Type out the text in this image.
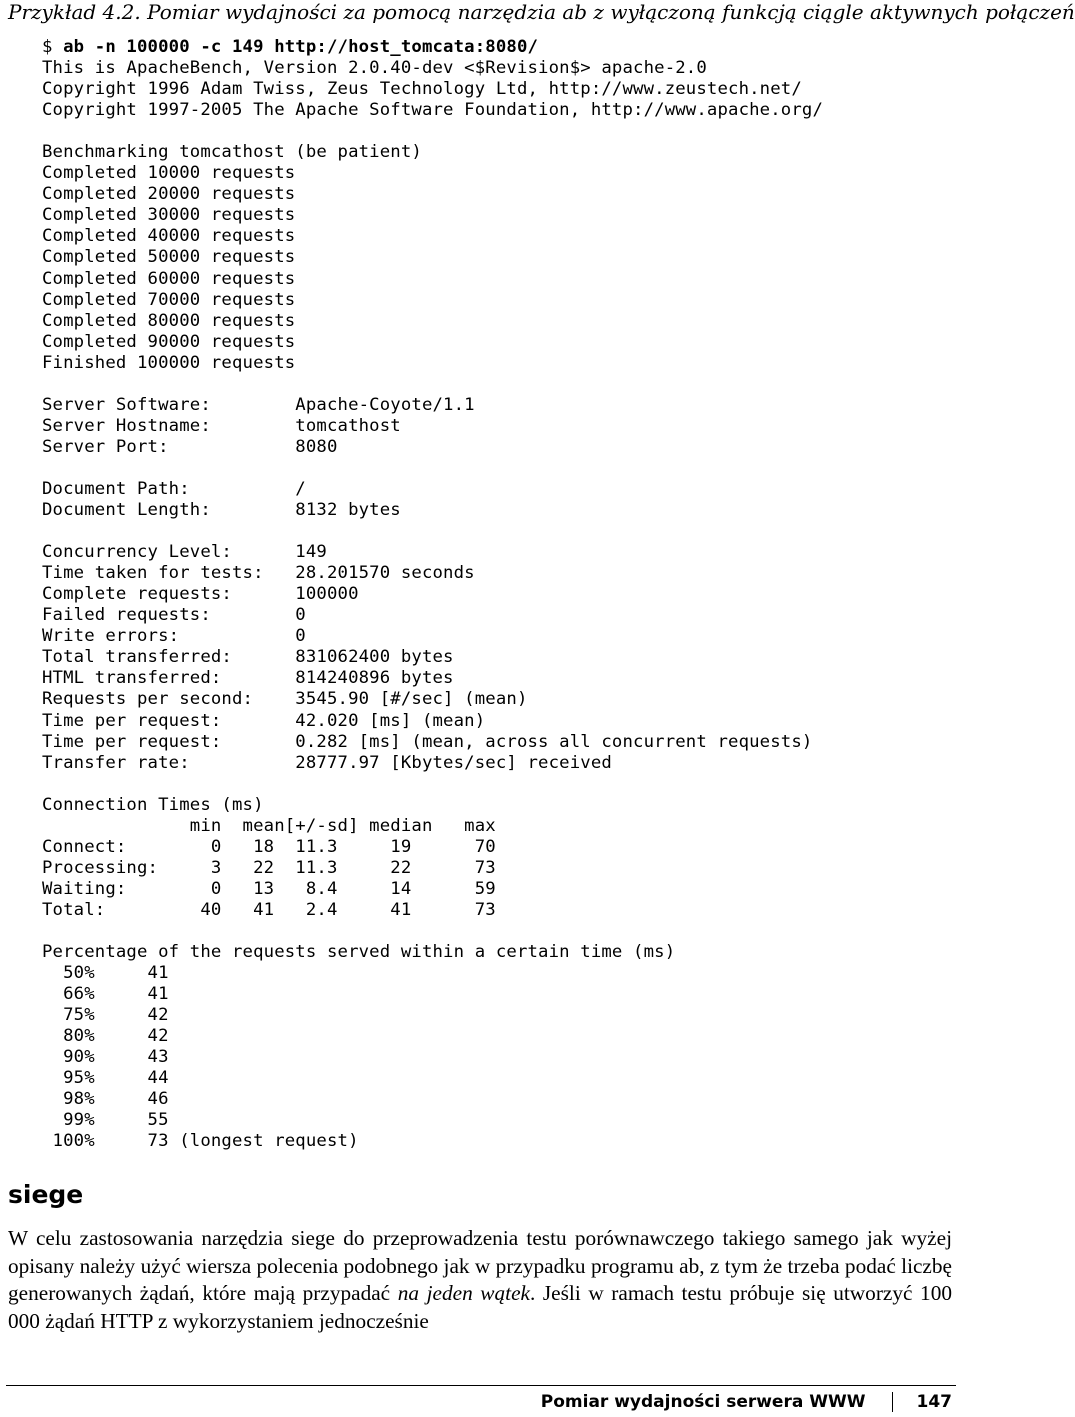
Przykład 4.2. Pomiar wydajności za pomocą narzędzia ab z wyłączoną funkcją ciągle aktywnych połączeń
$ ab -n 100000 -c 149 http://host_tomcata:8080/
This is ApacheBench, Version 2.0.40-dev <$Revision$> apache-2.0
Copyright 1996 Adam Twiss, Zeus Technology Ltd, http://www.zeustech.net/
Copyright 1997-2005 The Apache Software Foundation, http://www.apache.org/
Benchmarking tomcathost (be patient)
Completed 10000 requests
Completed 20000 requests
Completed 30000 requests
Completed 40000 requests
Completed 50000 requests
Completed 60000 requests
Completed 70000 requests
Completed 80000 requests
Completed 90000 requests
Finished 100000 requests
Server Software:        Apache-Coyote/1.1
Server Hostname:        tomcathost
Server Port:            8080
Document Path:          /
Document Length:        8132 bytes
Concurrency Level:      149
Time taken for tests:   28.201570 seconds
Complete requests:      100000
Failed requests:        0
Write errors:           0
Total transferred:      831062400 bytes
HTML transferred:       814240896 bytes
Requests per second:    3545.90 [#/sec] (mean)
Time per request:       42.020 [ms] (mean)
Time per request:       0.282 [ms] (mean, across all concurrent requests)
Transfer rate:          28777.97 [Kbytes/sec] received
Connection Times (ms)
min  mean[+/-sd] median   max
Connect:        0   18  11.3     19      70
Processing:     3   22  11.3     22      73
Waiting:        0   13   8.4     14      59
Total:         40   41   2.4     41      73
Percentage of the requests served within a certain time (ms)
50%     41
66%     41
75%     42
80%     42
90%     43
95%     44
98%     46
99%     55
100%     73 (longest request)
siege

W celu zastosowania narzędzia siege do przeprowadzenia testu porównawczego takiego samego jak wyżej opisany należy użyć wiersza polecenia podobnego jak w przypadku programu ab, z tym że trzeba podać liczbę generowanych żądań, które mają przypadać na jeden wątek. Jeśli w ramach testu próbuje się utworzyć 100 000 żądań HTTP z wykorzystaniem jednocześnie

Pomiar wydajności serwera WWW	147
